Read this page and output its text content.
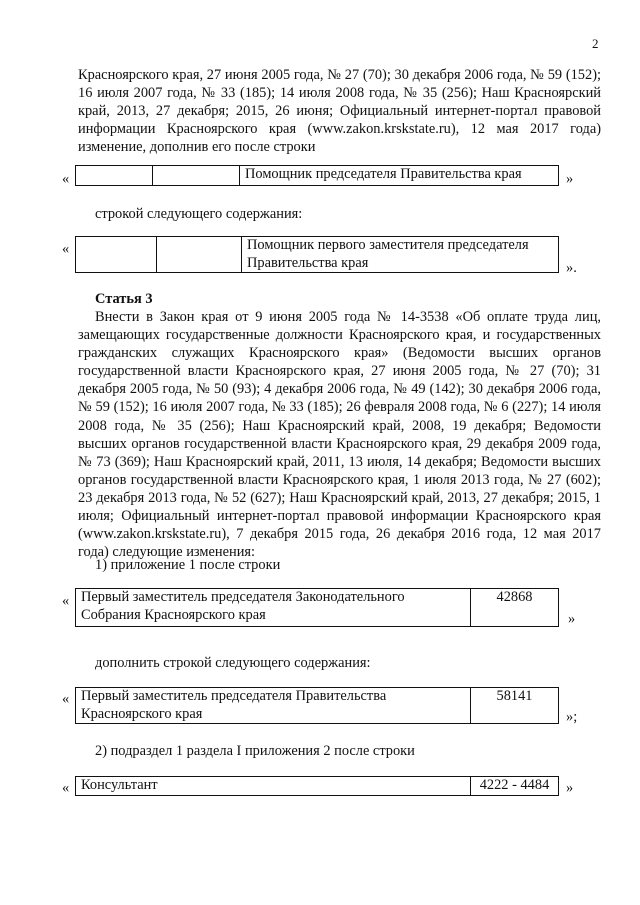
2
Красноярского края, 27 июня 2005 года, № 27 (70); 30 декабря 2006 года, № 59 (152); 16 июля 2007 года, № 33 (185); 14 июля 2008 года, № 35 (256); Наш Красноярский край, 2013, 27 декабря; 2015, 26 июня; Официальный интернет-портал правовой информации Красноярского края (www.zakon.krskstate.ru), 12 мая 2017 года) изменение, дополнив его после строки
«
			Помощник председателя Правительства края	»
строкой следующего содержания:
«
			Помощник первого заместителя председателя Правительства края	».
Статья 3
Внести в Закон края от 9 июня 2005 года № 14-3538 «Об оплате труда лиц, замещающих государственные должности Красноярского края, и государственных гражданских служащих Красноярского края» (Ведомости высших органов государственной власти Красноярского края, 27 июня 2005 года, № 27 (70); 31 декабря 2005 года, № 50 (93); 4 декабря 2006 года, № 49 (142); 30 декабря 2006 года, № 59 (152); 16 июля 2007 года, № 33 (185); 26 февраля 2008 года, № 6 (227); 14 июля 2008 года, № 35 (256); Наш Красноярский край, 2008, 19 декабря; Ведомости высших органов государственной власти Красноярского края, 29 декабря 2009 года, № 73 (369); Наш Красноярский край, 2011, 13 июля, 14 декабря; Ведомости высших органов государственной власти Красноярского края, 1 июля 2013 года, № 27 (602); 23 декабря 2013 года, № 52 (627); Наш Красноярский край, 2013, 27 декабря; 2015, 1 июля; Официальный интернет-портал правовой информации Красноярского края (www.zakon.krskstate.ru), 7 декабря 2015 года, 26 декабря 2016 года, 12 мая 2017 года) следующие изменения:
1) приложение 1 после строки
« Первый заместитель председателя Законодательного Собрания Красноярского края	42868
»
дополнить строкой следующего содержания:
« Первый заместитель председателя Правительства Красноярского края	58141
»;
2) подраздел 1 раздела I приложения 2 после строки
« Консультант	4222 - 4484 »
